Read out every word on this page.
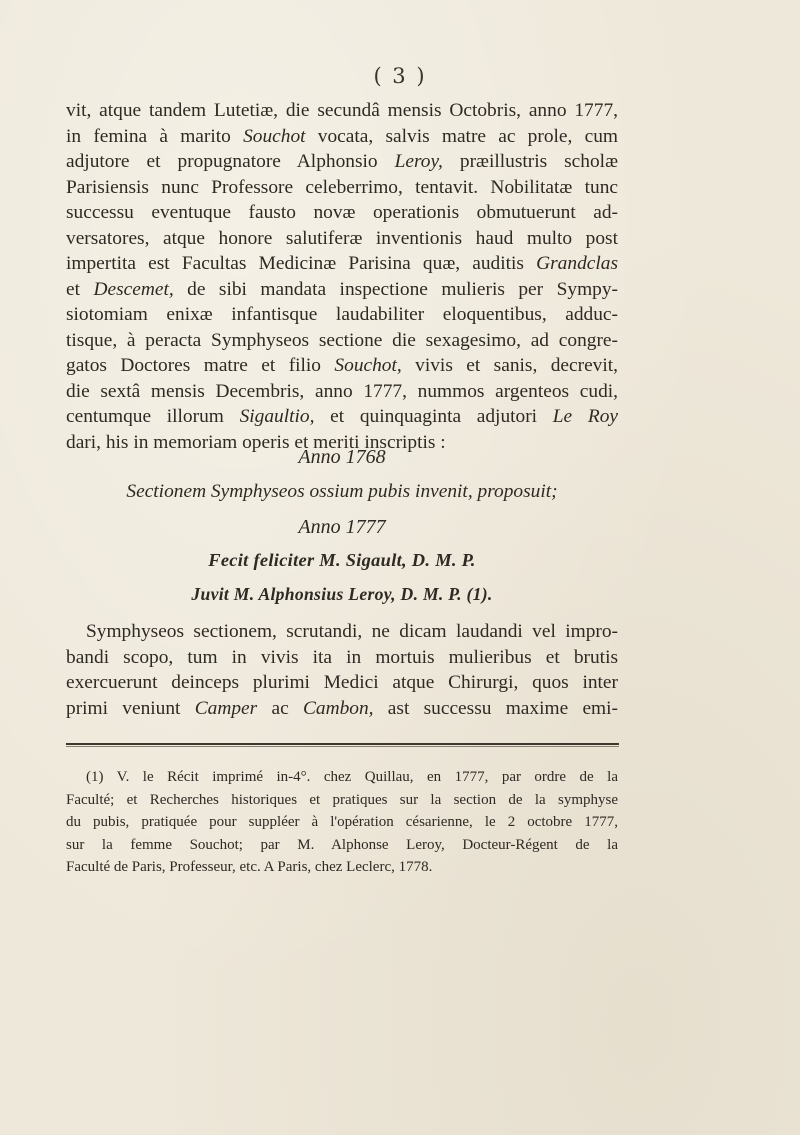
( 3 )
vit, atque tandem Lutetiæ, die secundâ mensis Octobris, anno 1777,
in femina à marito Souchot vocata, salvis matre ac prole, cum
adjutore et propugnatore Alphonsio Leroy, præillustris scholæ
Parisiensis nunc Professore celeberrimo, tentavit. Nobilitatæ tunc
successu eventuque fausto novæ operationis obmutuerunt ad-
versatores, atque honore salutiferæ inventionis haud multo post
impertita est Facultas Medicinæ Parisina quæ, auditis Grandclas
et Descemet, de sibi mandata inspectione mulieris per Sympy-
siotomiam enixæ infantisque laudabiliter eloquentibus, adduc-
tisque, à peracta Symphyseos sectione die sexagesimo, ad congre-
gatos Doctores matre et filio Souchot, vivis et sanis, decrevit,
die sextâ mensis Decembris, anno 1777, nummos argenteos cudi,
centumque illorum Sigaultio, et quinquaginta adjutori Le Roy
dari, his in memoriam operis et meriti inscriptis :
Anno 1768
Sectionem Symphyseos ossium pubis invenit, proposuit;
Anno 1777
Fecit feliciter M. Sigault, D. M. P.
Juvit M. Alphonsius Leroy, D. M. P. (1).
Symphyseos sectionem, scrutandi, ne dicam laudandi vel impro-
bandi scopo, tum in vivis ita in mortuis mulieribus et brutis
exercuerunt deinceps plurimi Medici atque Chirurgi, quos inter
primi veniunt Camper ac Cambon, ast successu maxime emi-
(1) V. le Récit imprimé in-4°. chez Quillau, en 1777, par ordre de la
Faculté; et Recherches historiques et pratiques sur la section de la symphyse
du pubis, pratiquée pour suppléer à l'opération césarienne, le 2 octobre 1777,
sur la femme Souchot; par M. Alphonse Leroy, Docteur-Régent de la
Faculté de Paris, Professeur, etc. A Paris, chez Leclerc, 1778.
